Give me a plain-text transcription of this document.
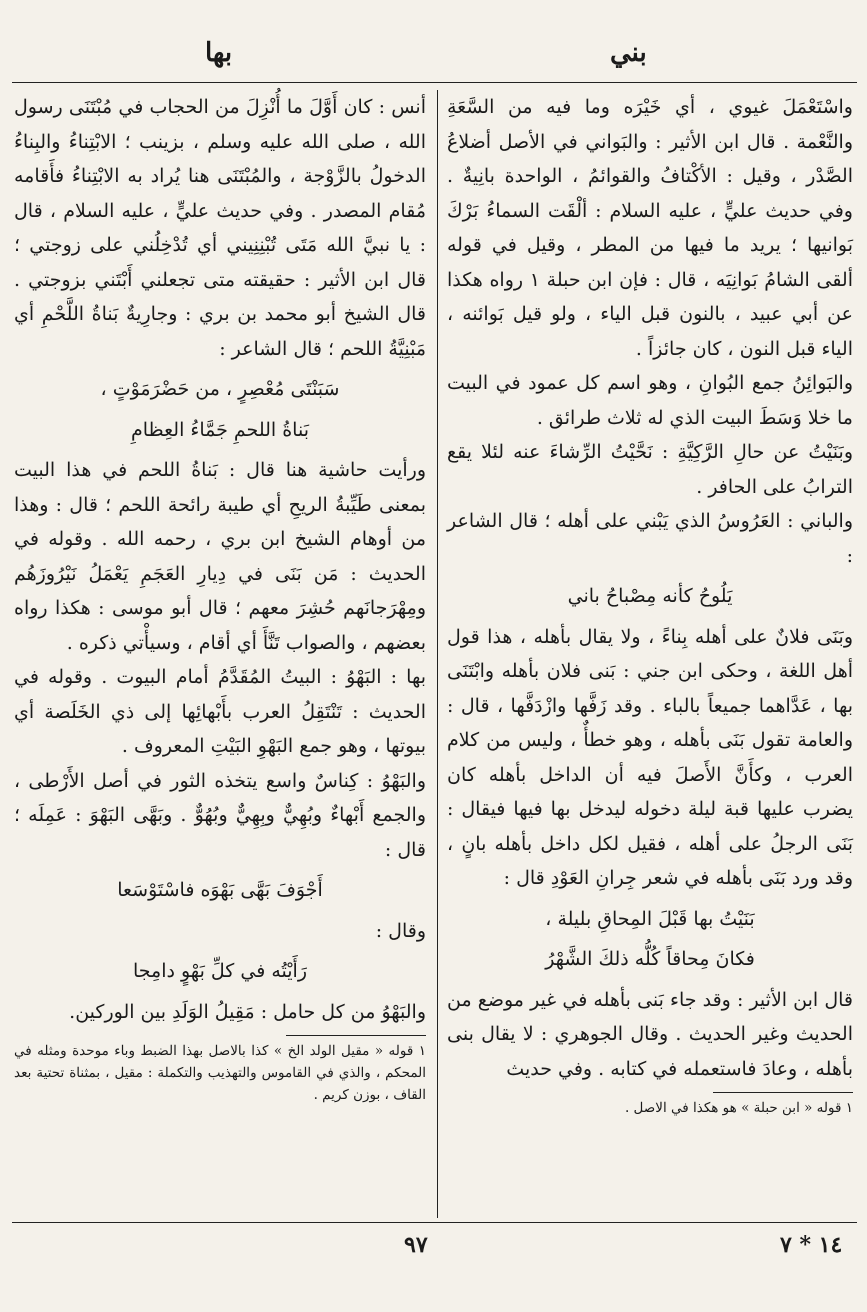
بني
بها

واسْتَعْمَلَ غيوي ، أي خَيْرَه وما فيه من السَّعَةِ والنَّعْمة . قال ابن الأثير : والبَواني في الأصل أضلاعُ الصَّدْر ، وقيل : الأكْتافُ والقوائمُ ، الواحدة بانِيةٌ . وفي حديث عليٍّ ، عليه السلام : ألْقَت السماءُ بَرْكَ بَوانيها ؛ يريد ما فيها من المطر ، وقيل في قوله ألقى الشامُ بَوانِيَه ، قال : فإن ابن حبلة ١ رواه هكذا عن أبي عبيد ، بالنون قبل الياء ، ولو قيل بَوائنه ، الياء قبل النون ، كان جائزاً .

والبَوائِنُ جمع البُوانِ ، وهو اسم كل عمود في البيت ما خلا وَسَطَ البيت الذي له ثلاث طرائق .

وبَنَيْتُ عن حالِ الرَّكِيَّةِ : نَحَّيْتُ الرِّشاءَ عنه لئلا يقع الترابُ على الحافر .

والباني : العَرُوسُ الذي يَبْني على أهله ؛ قال الشاعر :

يَلُوحُ كأنه مِصْباحُ باني

وبَنَى فلانٌ على أهله بِناءً ، ولا يقال بأهله ، هذا قول أهل اللغة ، وحكى ابن جني : بَنى فلان بأهله وابْتَنَى بها ، عَدَّاهما جميعاً بالباء . وقد زَفَّها وازْدَفَّها ، قال : والعامة تقول بَنَى بأهله ، وهو خطأٌ ، وليس من كلام العرب ، وكأَنَّ الأَصلَ فيه أن الداخل بأهله كان يضرب عليها قبة ليلة دخوله ليدخل بها فيها فيقال : بَنَى الرجلُ على أهله ، فقيل لكل داخل بأهله بانٍ ، وقد ورد بَنَى بأهله في شعر جِرانِ العَوْدِ قال :

بَنَيْتُ بها قَبْلَ المِحاقِ بليلة ،

فكانَ مِحاقاً كُلُّه ذلكَ الشَّهْرُ

قال ابن الأثير : وقد جاء بَنى بأهله في غير موضع من الحديث وغير الحديث . وقال الجوهري : لا يقال بنى بأهله ، وعادَ فاستعمله في كتابه . وفي حديث

١ قوله « ابن حبلة » هو هكذا في الاصل .

أنس : كان أَوَّلَ ما أُنْزِلَ من الحجاب في مُبْتَنَى رسول الله ، صلى الله عليه وسلم ، بزينب ؛ الابْتِناءُ والبِناءُ الدخولُ بالزَّوْجة ، والمُبْتَنَى هنا يُراد به الابْتِناءُ فأَقامه مُقام المصدر . وفي حديث عليٍّ ، عليه السلام ، قال : يا نبيَّ الله مَتَى تُبْنِنِيني أي تُدْخِلُني على زوجتي ؛ قال ابن الأثير : حقيقته متى تجعلني أَبْتَني بزوجتي . قال الشيخ أبو محمد بن بري : وجارِيةٌ بَناةُ اللَّحْمِ أي مَبْنِيَّةُ اللحم ؛ قال الشاعر :

سَبَنْتَى مُعْصِرٍ ، من حَضْرَمَوْتٍ ،

بَناةُ اللحمِ جَمَّاءُ العِظامِ

ورأيت حاشية هنا قال : بَناةُ اللحم في هذا البيت بمعنى طَيِّبةُ الريحِ أي طيبة رائحة اللحم ؛ قال : وهذا من أوهام الشيخ ابن بري ، رحمه الله . وقوله في الحديث : مَن بَنَى في دِيارِ العَجَمِ يَعْمَلُ نَيْرُوزَهُم ومِهْرَجانَهم حُشِرَ معهم ؛ قال أبو موسى : هكذا رواه بعضهم ، والصواب تَنَّأَ أي أقام ، وسيأْتي ذكره .

بها : البَهْوُ : البيتُ المُقَدَّمُ أمام البيوت . وقوله في الحديث : تَنْتَقِلُ العرب بأَبْهائِها إلى ذي الخَلَصة أي بيوتها ، وهو جمع البَهْوِ البَيْتِ المعروف .

والبَهْوُ : كِناسٌ واسع يتخذه الثور في أصل الأَرْطى ، والجمع أَبْهاءٌ وبُهِيٌّ وبِهِيٌّ وبُهُوٌّ . وبَهَّى البَهْوَ : عَمِلَه ؛ قال :

أَجْوَفَ بَهَّى بَهْوَه فاسْتَوْسَعا

وقال :

رَأَيْتُه في كلِّ بَهْوٍ دامِجا

والبَهْوُ من كل حامل : مَقِيلُ الوَلَدِ بين الوركين.

١ قوله « مقيل الولد الخ » كذا بالاصل بهذا الضبط وباء موحدة ومثله في المحكم ، والذي في القاموس والتهذيب والتكملة : مقيل ، بمثناة تحتية بعد القاف ، بوزن كريم .

٩٧	١٤ * ٧
